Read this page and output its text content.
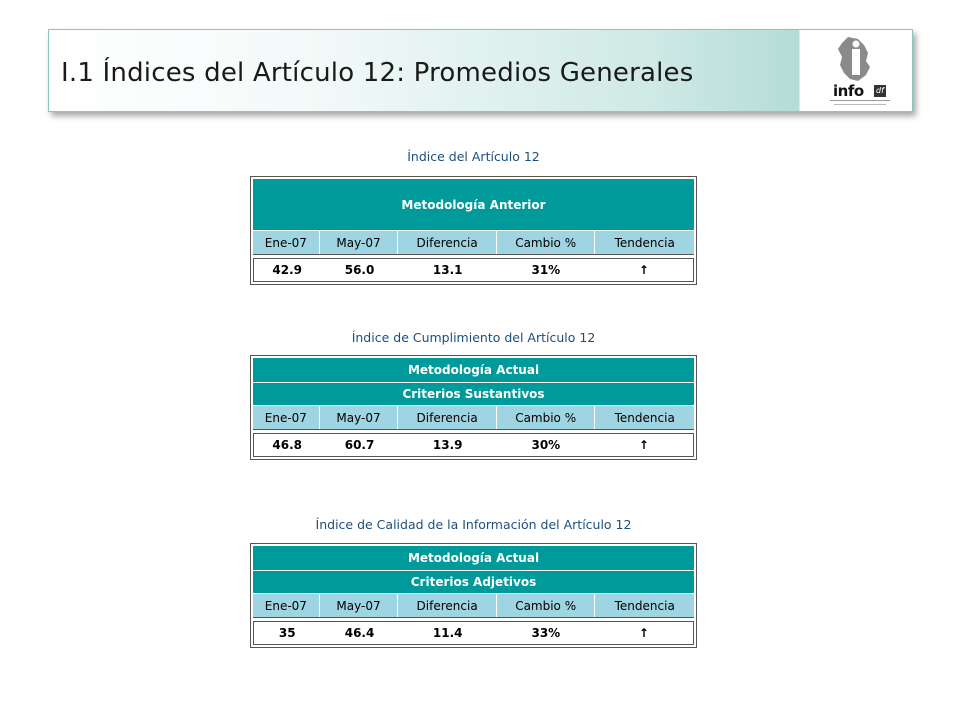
I.1 Índices del Artículo 12: Promedios Generales
info df
Índice del Artículo 12
Metodología Anterior
Ene-07	May-07	Diferencia	Cambio %	Tendencia
42.9	56.0	13.1	31%	↑
Índice de Cumplimiento del Artículo 12
Metodología Actual
Criterios Sustantivos
Ene-07	May-07	Diferencia	Cambio %	Tendencia
46.8	60.7	13.9	30%	↑
Índice de Calidad de la Información del Artículo 12
Metodología Actual
Criterios Adjetivos
Ene-07	May-07	Diferencia	Cambio %	Tendencia
35	46.4	11.4	33%	↑
